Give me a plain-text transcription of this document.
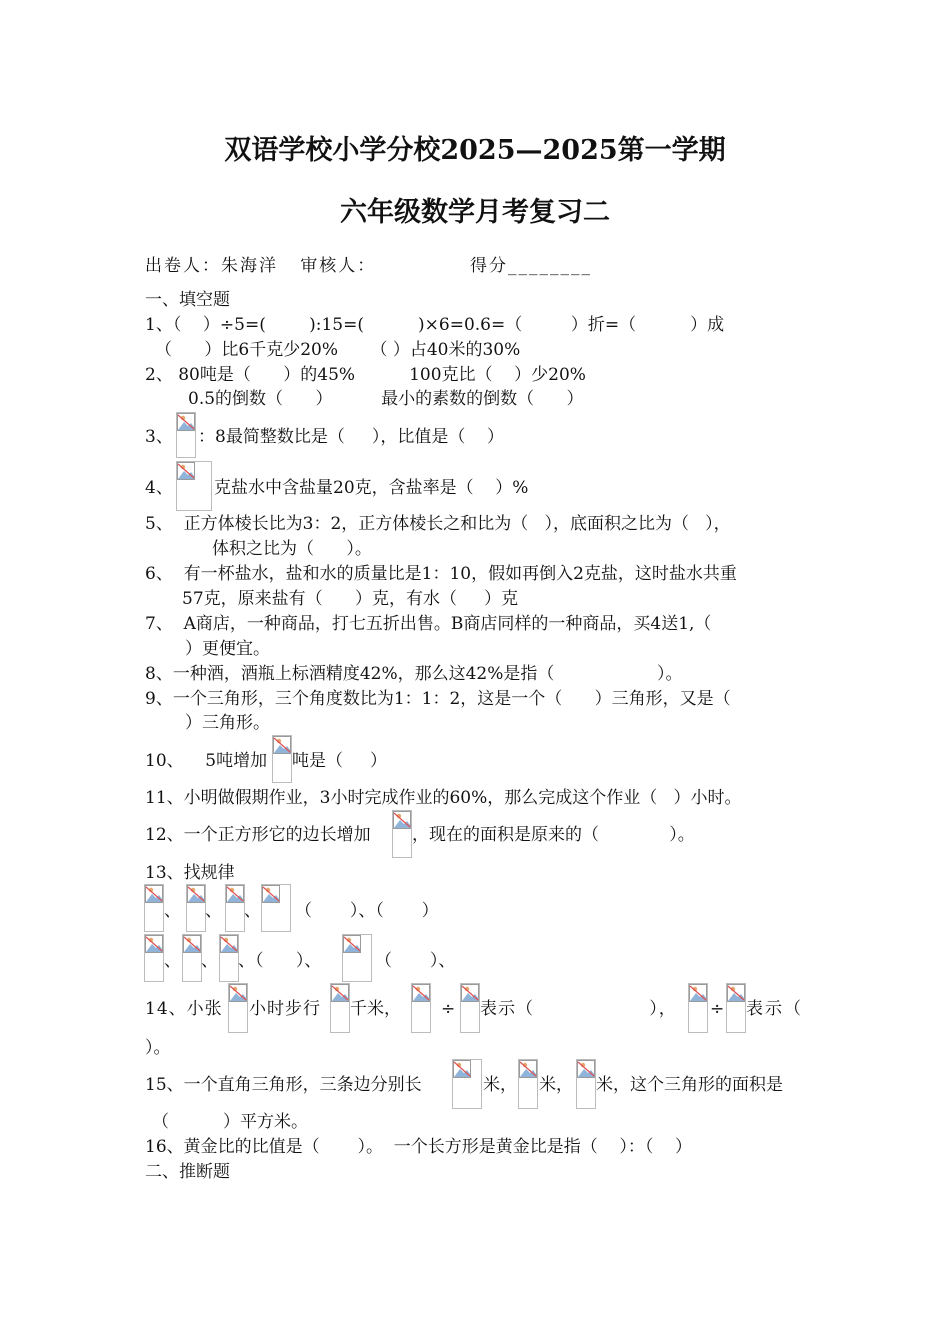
双语学校小学分校2025—2025第一学期
六年级数学月考复习二
出卷人：朱海洋   审核人：	得分________
一、填空题
1、（    ）÷5=(        ):15=(          )×6=0.6=（         ）折=（          ）成
（      ）比6千克少20%      （ ）占40米的30%
2、 80吨是（      ）的45%          100克比（    ）少20%
0.5的倒数（      ）         最小的素数的倒数（      ）
3、 ：8最简整数比是（     ），比值是（    ）
4、 克盐水中含盐量20克，含盐率是（    ）%
5、  正方体棱长比为3：2，正方体棱长之和比为（   ），底面积之比为（   ），
体积之比为（      ）。
6、  有一杯盐水，盐和水的质量比是1：10，假如再倒入2克盐，这时盐水共重
57克，原来盐有（      ）克，有水（     ）克
7、  A商店，一种商品，打七五折出售。B商店同样的一种商品，买4送1,（
）更便宜。
8、一种酒，酒瓶上标酒精度42%，那么这42%是指（                   ）。
9、一个三角形，三个角度数比为1：1：2，这是一个（      ）三角形，又是（
）三角形。
10、    5吨增加 吨是（     ）
11、小明做假期作业，3小时完成作业的60%，那么完成这个作业（   ）小时。
12、一个正方形它的边长增加 ，现在的面积是原来的（             ）。
13、找规律
、 、 、 （       ）、（       ）
、 、 、（      ）、	（       ）、
14、小张 小时步行 千米， ÷ 表示（                  ）， ÷ 表示（
）。
15、一个直角三角形，三条边分别长	米， 米， 米，这个三角形的面积是
（          ）平方米。
16、黄金比的比值是（       ）。  一个长方形是黄金比是指（    ）：（    ）
二、推断题
